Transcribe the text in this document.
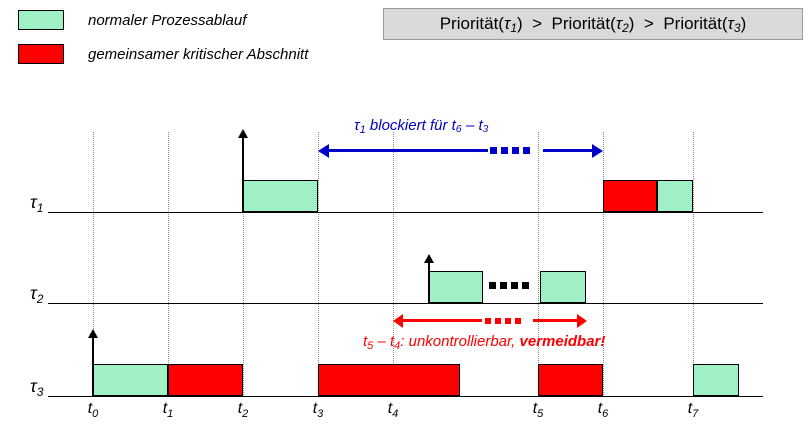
normaler Prozessablauf
gemeinsamer kritischer Abschnitt
$Priorität(\tau_1)$  >  $Priorität(\tau_2)$  >  $Priorität(\tau_3)$
$\tau_1$
$\tau_1$ blockiert für t₆ – t₃
$\tau_2$
$t_5 - t_4$: unkontrollierbar, vermeidbar!
$\tau_3$
$t_0$	$t_1$	$t_2$	$t_3$	$t_4$	$t_5$	$t_6$	$t_7$
